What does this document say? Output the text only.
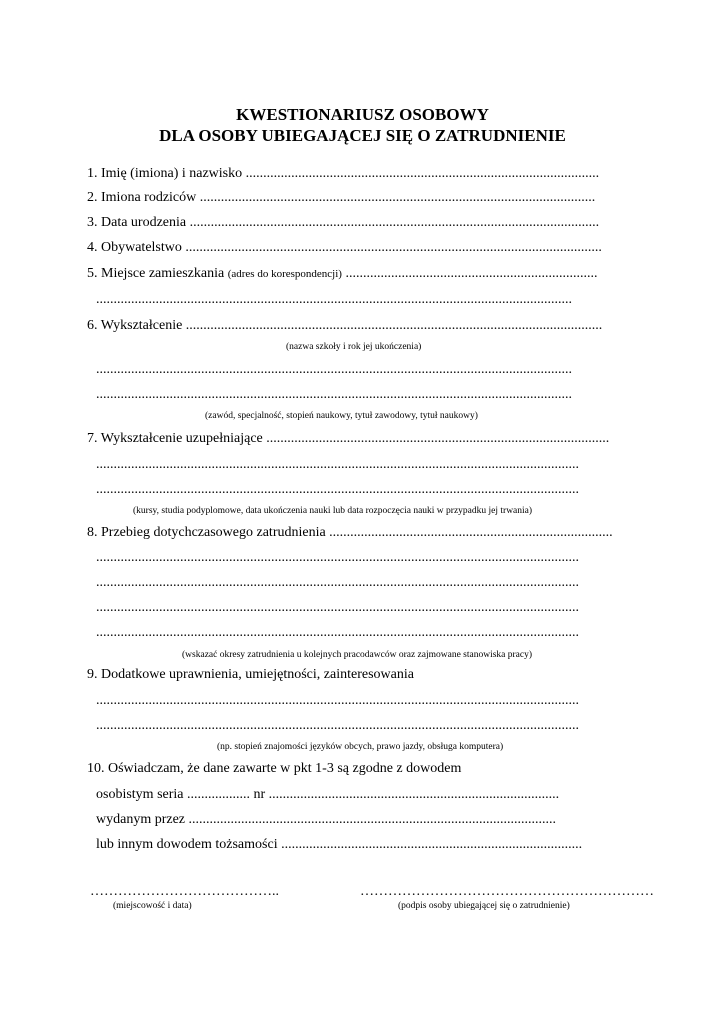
KWESTIONARIUSZ OSOBOWY
DLA OSOBY UBIEGAJĄCEJ SIĘ O ZATRUDNIENIE
1. Imię (imiona) i nazwisko .....................................................................................................
2. Imiona rodziców .................................................................................................................
3. Data urodzenia .....................................................................................................................
4. Obywatelstwo .......................................................................................................................
5. Miejsce zamieszkania (adres do korespondencji) ........................................................................
........................................................................................................................................
6. Wykształcenie .......................................................................................................................
(nazwa szkoły i rok jej ukończenia)
........................................................................................................................................
........................................................................................................................................
(zawód, specjalność, stopień naukowy, tytuł zawodowy, tytuł naukowy)
7. Wykształcenie uzupełniające ..................................................................................................
..........................................................................................................................................
..........................................................................................................................................
(kursy, studia podyplomowe, data ukończenia nauki lub data rozpoczęcia nauki w przypadku jej trwania)
8. Przebieg dotychczasowego zatrudnienia .................................................................................
..........................................................................................................................................
..........................................................................................................................................
..........................................................................................................................................
..........................................................................................................................................
(wskazać okresy zatrudnienia u kolejnych pracodawców oraz zajmowane stanowiska pracy)
9. Dodatkowe uprawnienia, umiejętności, zainteresowania
..........................................................................................................................................
..........................................................................................................................................
(np. stopień znajomości języków obcych, prawo jazdy, obsługa komputera)
10. Oświadczam, że dane zawarte w pkt 1-3 są zgodne z dowodem
osobistym seria .................. nr ...................................................................................
wydanym przez .........................................................................................................
lub innym dowodem tożsamości ......................................................................................
…………………………………..	………………………………………………………
(miejscowość i data)	(podpis osoby ubiegającej się o zatrudnienie)
